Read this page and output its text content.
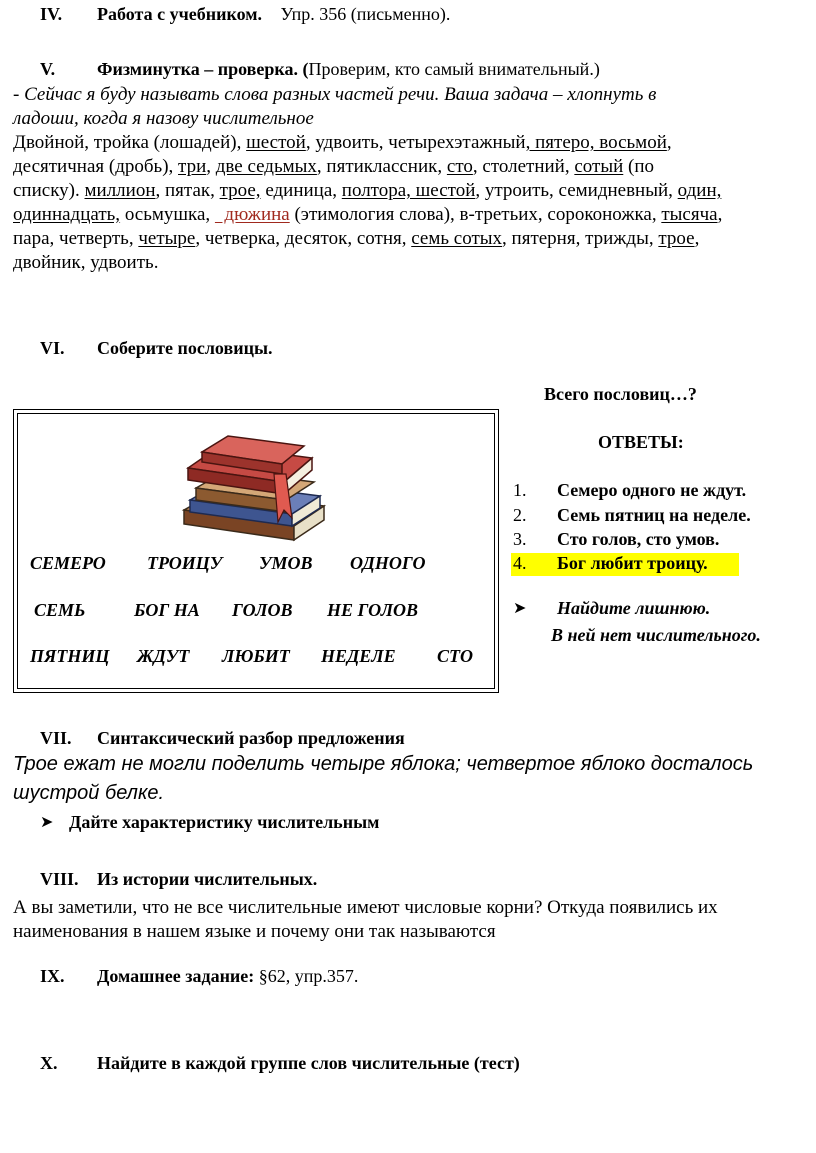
IV. Работа с учебником. Упр. 356 (письменно).
V. Физминутка – проверка. (Проверим, кто самый внимательный.)
- Сейчас я буду называть слова разных частей речи. Ваша задача – хлопнуть в
ладоши, когда я назову числительное
Двойной, тройка (лошадей), шестой, удвоить, четырехэтажный, пятеро, восьмой,
десятичная (дробь), три, две седьмых, пятиклассник, сто, столетний, сотый (по
списку). миллион, пятак, трое, единица, полтора, шестой, утроить, семидневный, один,
одиннадцать, осьмушка,   дюжина (этимология слова), в-третьих, сороконожка, тысяча,
пара, четверть, четыре, четверка, десяток, сотня, семь сотых, пятерня, трижды, трое,
двойник, удвоить.
VI. Соберите пословицы.
Всего пословиц…?
ОТВЕТЫ:
СЕМЕРО ТРОИЦУ УМОВ ОДНОГО
СЕМЬ	БОГ НА ГОЛОВ НЕ ГОЛОВ
ПЯТНИЦ ЖДУТ ЛЮБИТ НЕДЕЛЕ СТО
1. Семеро одного не ждут.
2. Семь пятниц на неделе.
3. Сто голов, сто умов.
4. Бог любит троицу.
➤ Найдите лишнюю.
В ней нет числительного.
VII. Синтаксический разбор предложения
Трое ежат не могли поделить четыре яблока; четвертое яблоко досталось
шустрой белке.
➤ Дайте характеристику числительным
VIII. Из истории числительных.
А вы заметили, что не все числительные имеют числовые корни? Откуда появились их
наименования в нашем языке и почему они так называются
IX. Домашнее задание: §62, упр.357.
X. Найдите в каждой группе слов числительные (тест)
